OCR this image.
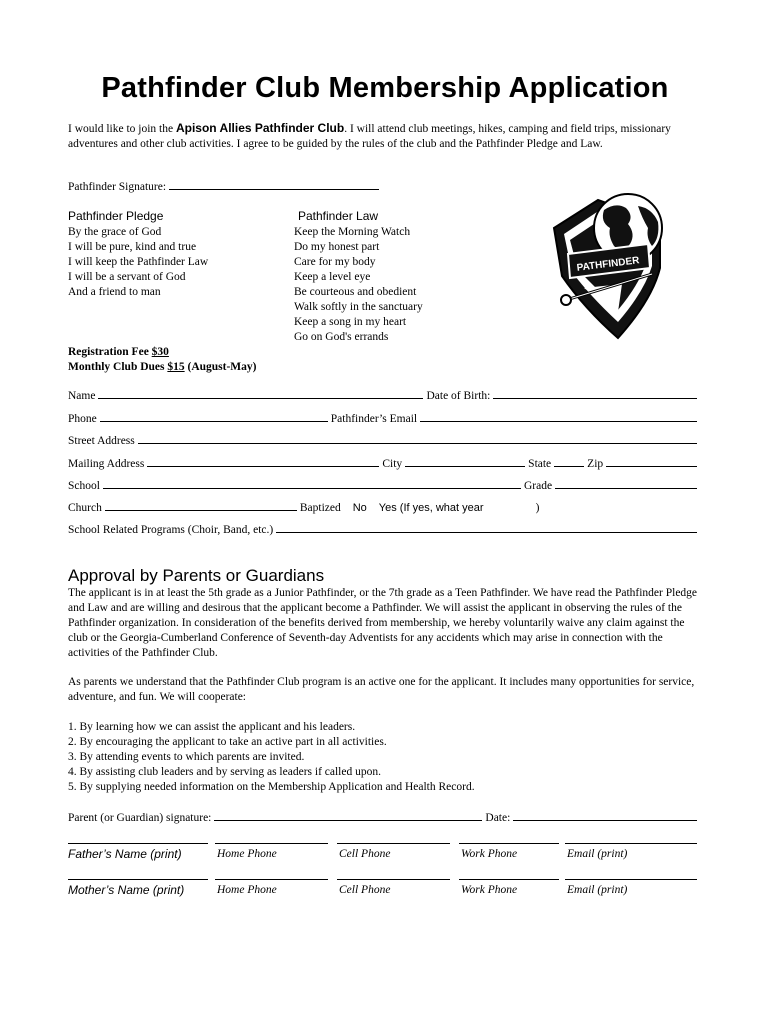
Pathfinder Club Membership Application
I would like to join the Apison Allies Pathfinder Club. I will attend club meetings, hikes, camping and field trips, missionary adventures and other club activities. I agree to be guided by the rules of the club and the Pathfinder Pledge and Law.
Pathfinder Signature:
Pathfinder Pledge
By the grace of God
I will be pure, kind and true
I will keep the Pathfinder Law
I will be a servant of God
And a friend to man
Pathfinder Law
Keep the Morning Watch
Do my honest part
Care for my body
Keep a level eye
Be courteous and obedient
Walk softly in the sanctuary
Keep a song in my heart
Go on God's errands
PATHFINDER
Registration Fee $30
Monthly Club Dues $15 (August-May)
Name	Date of Birth:
Phone	Pathfinder’s Email
Street Address
Mailing Address	City	State	Zip
School	Grade
Church	Baptized No Yes (If yes, what year	)
School Related Programs (Choir, Band, etc.)
Approval by Parents or Guardians
The applicant is in at least the 5th grade as a Junior Pathfinder, or the 7th grade as a Teen Pathfinder. We have read the Pathfinder Pledge and Law and are willing and desirous that the applicant become a Pathfinder. We will assist the applicant in observing the rules of the Pathfinder organization. In consideration of the benefits derived from membership, we hereby voluntarily waive any claim against the club or the Georgia-Cumberland Conference of Seventh-day Adventists for any accidents which may arise in connection with the activities of the Pathfinder Club.
As parents we understand that the Pathfinder Club program is an active one for the applicant. It includes many opportunities for service, adventure, and fun. We will cooperate:
1. By learning how we can assist the applicant and his leaders.
2. By encouraging the applicant to take an active part in all activities.
3. By attending events to which parents are invited.
4. By assisting club leaders and by serving as leaders if called upon.
5. By supplying needed information on the Membership Application and Health Record.
Parent (or Guardian) signature:	Date:
Father’s Name (print)	Home Phone	Cell Phone	Work Phone	Email (print)
Mother’s Name (print)	Home Phone	Cell Phone	Work Phone	Email (print)
